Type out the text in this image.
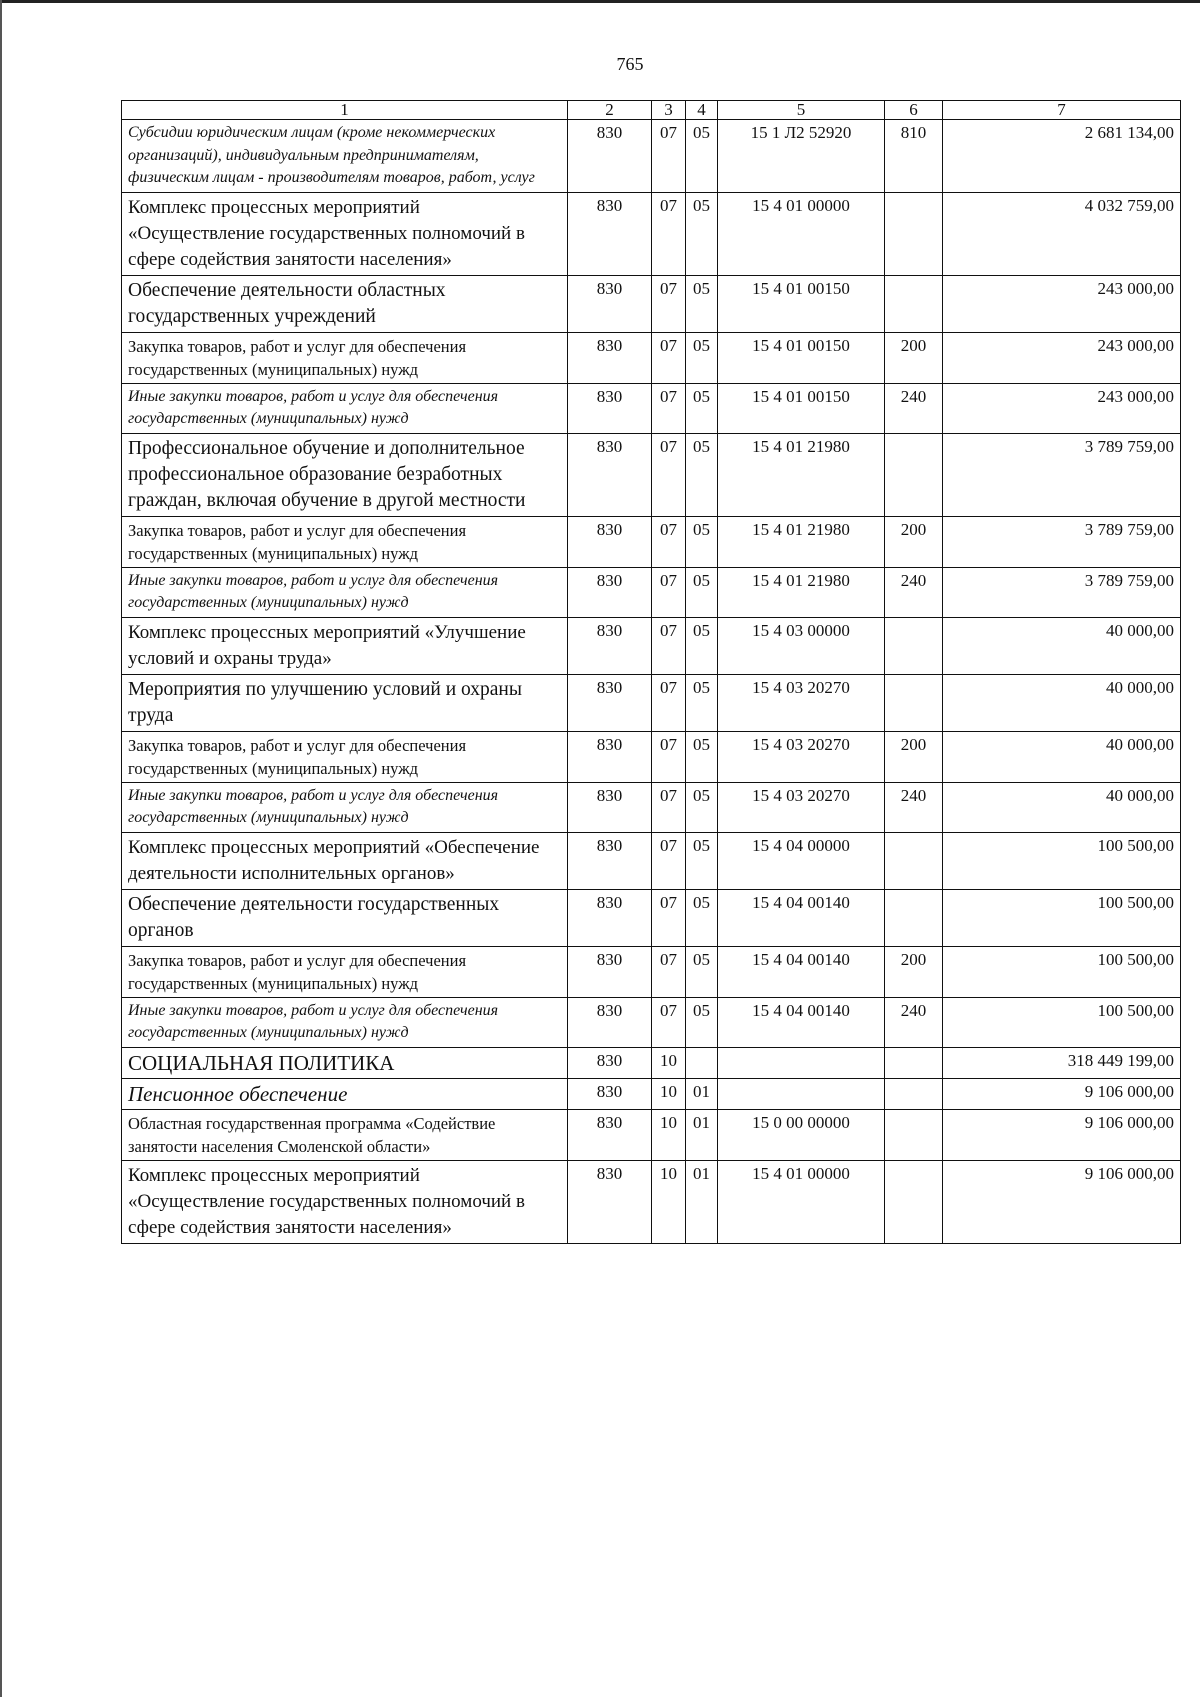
765
1	2	3	4	5	6	7
Субсидии юридическим лицам (кроме некоммерческих организаций), индивидуальным предпринимателям, физическим лицам - производителям товаров, работ, услуг	830	07	05	15 1 Л2 52920	810	2 681 134,00
Комплекс процессных мероприятий «Осуществление государственных полномочий в сфере содействия занятости населения»	830	07	05	15 4 01 00000		4 032 759,00
Обеспечение деятельности областных государственных учреждений	830	07	05	15 4 01 00150		243 000,00
Закупка товаров, работ и услуг для обеспечения государственных (муниципальных) нужд	830	07	05	15 4 01 00150	200	243 000,00
Иные закупки товаров, работ и услуг для обеспечения государственных (муниципальных) нужд	830	07	05	15 4 01 00150	240	243 000,00
Профессиональное обучение и дополнительное профессиональное образование безработных граждан, включая обучение в другой местности	830	07	05	15 4 01 21980		3 789 759,00
Закупка товаров, работ и услуг для обеспечения государственных (муниципальных) нужд	830	07	05	15 4 01 21980	200	3 789 759,00
Иные закупки товаров, работ и услуг для обеспечения государственных (муниципальных) нужд	830	07	05	15 4 01 21980	240	3 789 759,00
Комплекс процессных мероприятий «Улучшение условий и охраны труда»	830	07	05	15 4 03 00000		40 000,00
Мероприятия по улучшению условий и охраны труда	830	07	05	15 4 03 20270		40 000,00
Закупка товаров, работ и услуг для обеспечения государственных (муниципальных) нужд	830	07	05	15 4 03 20270	200	40 000,00
Иные закупки товаров, работ и услуг для обеспечения государственных (муниципальных) нужд	830	07	05	15 4 03 20270	240	40 000,00
Комплекс процессных мероприятий «Обеспечение деятельности исполнительных органов»	830	07	05	15 4 04 00000		100 500,00
Обеспечение деятельности государственных органов	830	07	05	15 4 04 00140		100 500,00
Закупка товаров, работ и услуг для обеспечения государственных (муниципальных) нужд	830	07	05	15 4 04 00140	200	100 500,00
Иные закупки товаров, работ и услуг для обеспечения государственных (муниципальных) нужд	830	07	05	15 4 04 00140	240	100 500,00
СОЦИАЛЬНАЯ ПОЛИТИКА	830	10				318 449 199,00
Пенсионное обеспечение	830	10	01			9 106 000,00
Областная государственная программа «Содействие занятости населения Смоленской области»	830	10	01	15 0 00 00000		9 106 000,00
Комплекс процессных мероприятий «Осуществление государственных полномочий в сфере содействия занятости населения»	830	10	01	15 4 01 00000		9 106 000,00
